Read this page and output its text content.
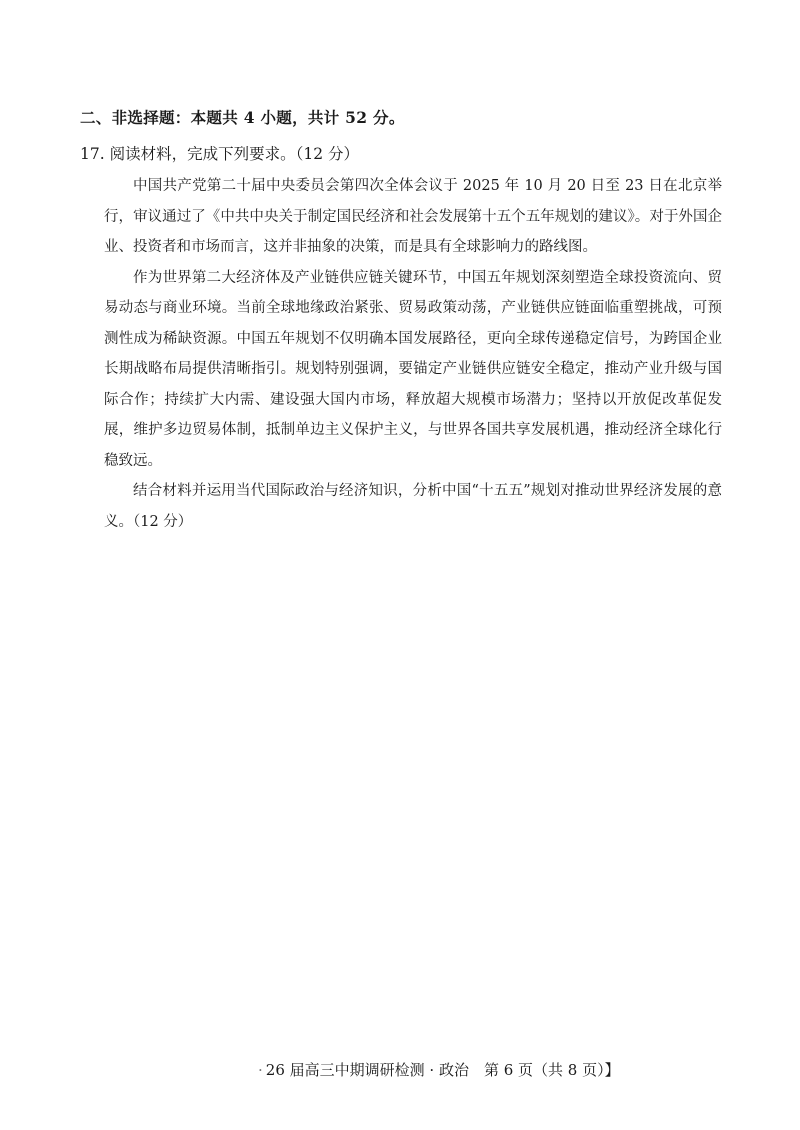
二、非选择题：本题共 4 小题，共计 52 分。
17. 阅读材料，完成下列要求。（12 分）

中国共产党第二十届中央委员会第四次全体会议于 2025 年 10 月 20 日至 23 日在北京举行，审议通过了《中共中央关于制定国民经济和社会发展第十五个五年规划的建议》。对于外国企业、投资者和市场而言，这并非抽象的决策，而是具有全球影响力的路线图。

作为世界第二大经济体及产业链供应链关键环节，中国五年规划深刻塑造全球投资流向、贸易动态与商业环境。当前全球地缘政治紧张、贸易政策动荡，产业链供应链面临重塑挑战，可预测性成为稀缺资源。中国五年规划不仅明确本国发展路径，更向全球传递稳定信号，为跨国企业长期战略布局提供清晰指引。规划特别强调，要锚定产业链供应链安全稳定，推动产业升级与国际合作；持续扩大内需、建设强大国内市场，释放超大规模市场潜力；坚持以开放促改革促发展，维护多边贸易体制，抵制单边主义保护主义，与世界各国共享发展机遇，推动经济全球化行稳致远。

结合材料并运用当代国际政治与经济知识，分析中国“十五五”规划对推动世界经济发展的意义。（12 分）

· 26 届高三中期调研检测 · 政治　第 6 页（共 8 页）】
